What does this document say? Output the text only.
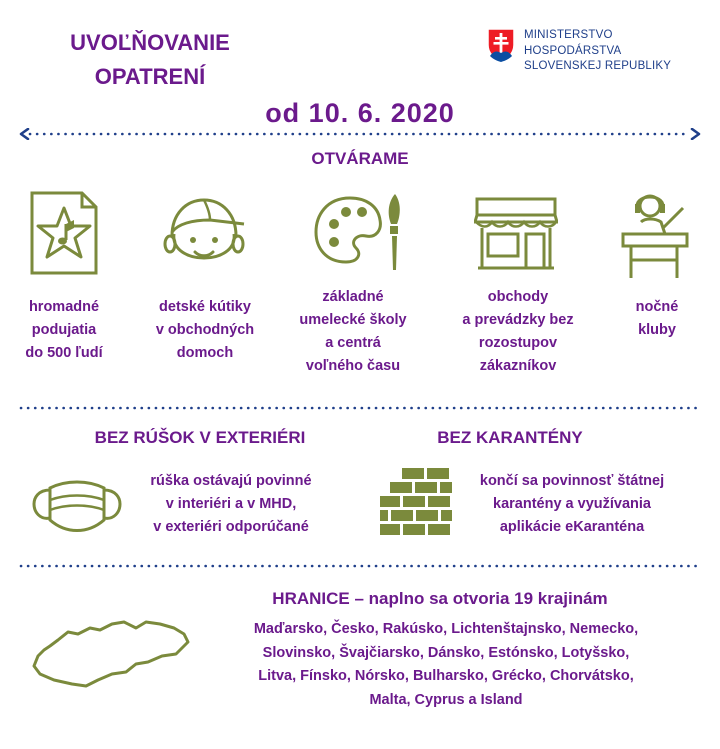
UVOĽŇOVANIE
OPATRENÍ
MINISTERSTVO
HOSPODÁRSTVA
SLOVENSKEJ REPUBLIKY
od 10. 6. 2020
OTVÁRAME
hromadné
podujatia
do 500 ľudí
detské kútiky
v obchodných
domoch
základné
umelecké školy
a centrá
voľného času
obchody
a prevádzky bez
rozostupov
zákazníkov
nočné
kluby
BEZ RÚŠOK V EXTERIÉRI
rúška ostávajú povinné
v interiéri a v MHD,
v exteriéri odporúčané
BEZ KARANTÉNY
končí sa povinnosť štátnej
karantény a využívania
aplikácie eKaranténa
HRANICE – naplno sa otvoria 19 krajinám
Maďarsko, Česko, Rakúsko, Lichtenštajnsko, Nemecko,
Slovinsko, Švajčiarsko, Dánsko, Estónsko, Lotyšsko,
Litva, Fínsko, Nórsko, Bulharsko, Grécko, Chorvátsko,
Malta, Cyprus a Island
